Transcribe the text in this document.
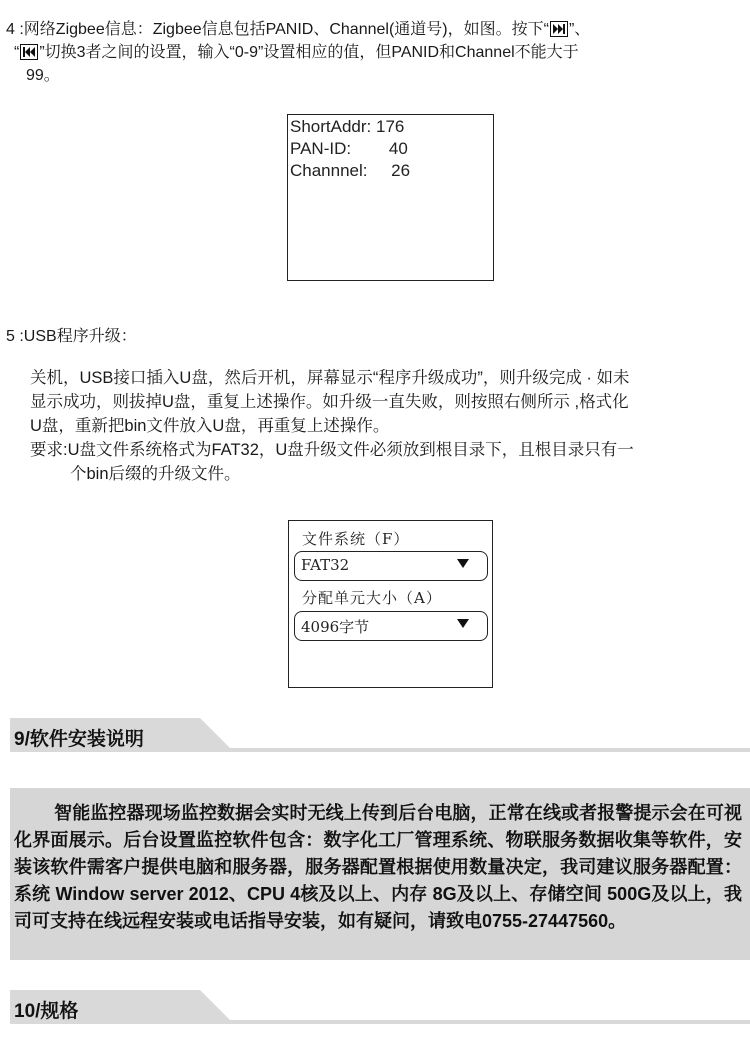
4 :网络Zigbee信息：Zigbee信息包括PANID、Channel(通道号)，如图。按下“ ”、
“ ”切换3者之间的设置，输入“0-9”设置相应的值，但PANID和Channel不能大于
99。
ShortAddr: 176
PAN-ID:        40
Channnel:     26
5 :USB程序升级：
关机，USB接口插入U盘，然后开机，屏幕显示“程序升级成功”，则升级完成 · 如未
显示成功，则拔掉U盘，重复上述操作。如升级一直失败，则按照右侧所示 ,格式化
U盘，重新把bin文件放入U盘，再重复上述操作。
要求:U盘文件系统格式为FAT32，U盘升级文件必须放到根目录下，且根目录只有一
个bin后缀的升级文件。
文件系统（F）
FAT32
分配单元大小（A）
4096字节
9/软件安装说明
智能监控器现场监控数据会实时无线上传到后台电脑，正常在线或者报警提示会在可视化界面展示。后台设置监控软件包含：数字化工厂管理系统、物联服务数据收集等软件，安装该软件需客户提供电脑和服务器，服务器配置根据使用数量决定，我司建议服务器配置：系统 Window server 2012、CPU 4核及以上、内存 8G及以上、存储空间 500G及以上，我司可支持在线远程安装或电话指导安装，如有疑问，请致电0755-27447560。
10/规格
